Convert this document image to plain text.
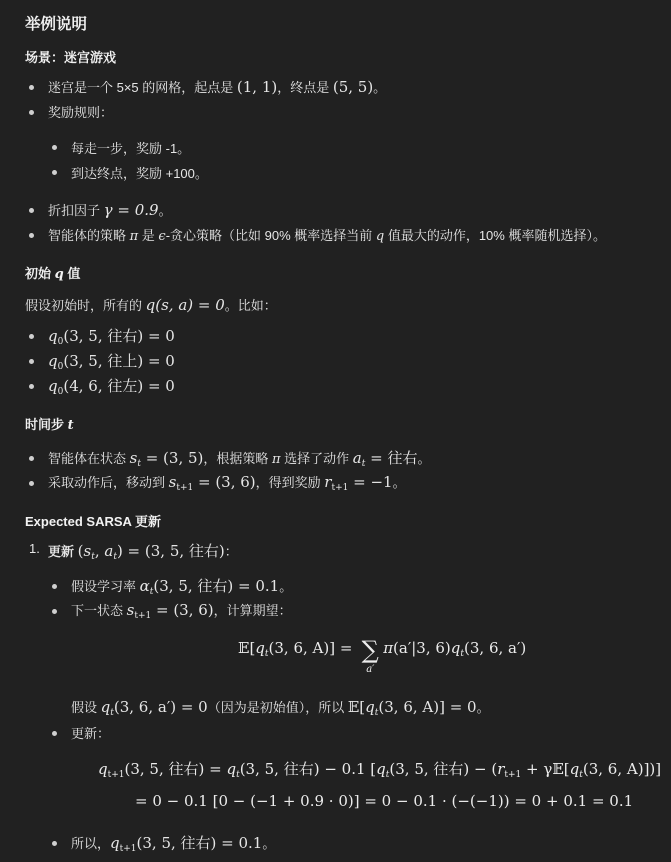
举例说明
场景：迷宫游戏
迷宫是一个 5×5 的网格，起点是 (1, 1)，终点是 (5, 5)。
奖励规则：
每走一步，奖励 -1。
到达终点，奖励 +100。
折扣因子 γ = 0.9。
智能体的策略 π 是 ϵ-贪心策略（比如 90% 概率选择当前 q 值最大的动作，10% 概率随机选择）。
初始 q 值
假设初始时，所有的 q(s, a) = 0。比如：
$q_0(3$, 5, 往右) = 0
$q_0(3$, 5, 往上) = 0
$q_0(4$, 6, 往左) = 0
时间步 t
智能体在状态 $s_t = (3$, 5)，根据策略 π 选择了动作 $a_t$ = 往右。
采取动作后，移动到 $s_{t+1} = (3$, 6)，得到奖励 $r_{t+1} = -1$。
Expected SARSA 更新
1. 更新 ($s_t$, $a_t) = (3$, 5, 往右)：
假设学习率 $\alpha_t(3$, 5, 往右) = 0.1。
下一状态 $s_{t+1} = (3$, 6)，计算期望：
$𝔼[q_t(3$, 6, A)] = ∑
a′
π(a′|3, $6)q_t(3$, 6, a′)
假设 $q_t(3$, 6, a′) = 0（因为是初始值），所以 $𝔼[q_t(3$, 6, A)] = 0。
更新：
$q_{t+1}(3$, 5, 往右) = $q_t(3$, 5, 往右) − 0.1 [$q_t(3$, 5, 往右) − ($r_{t+1}$ + $\gamma 𝔼[q_t(3$, 6, A)])]
= 0 − 0.1 [0 − (−1 + 0.9 · 0)] = 0 − 0.1 · (−(−1)) = 0 + 0.1 = 0.1
所以，$q_{t+1}(3$, 5, 往右) = 0.1。
